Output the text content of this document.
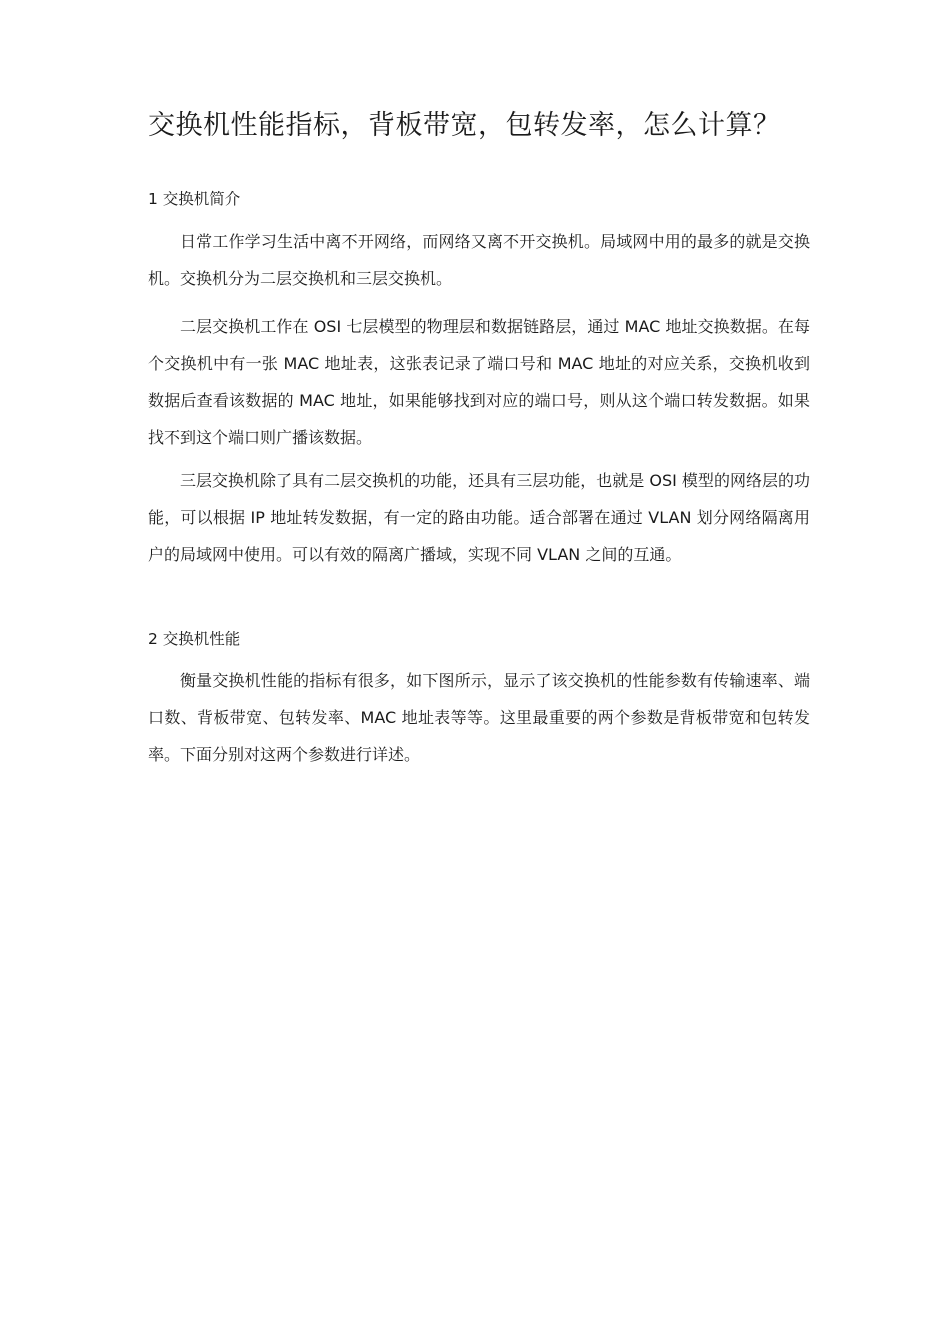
交换机性能指标，背板带宽，包转发率，怎么计算？
1 交换机简介

日常工作学习生活中离不开网络，而网络又离不开交换机。局域网中用的最多的就是交换机。交换机分为二层交换机和三层交换机。

二层交换机工作在 OSI 七层模型的物理层和数据链路层，通过 MAC 地址交换数据。在每个交换机中有一张 MAC 地址表，这张表记录了端口号和 MAC 地址的对应关系，交换机收到数据后查看该数据的 MAC 地址，如果能够找到对应的端口号，则从这个端口转发数据。如果找不到这个端口则广播该数据。

三层交换机除了具有二层交换机的功能，还具有三层功能，也就是 OSI 模型的网络层的功能，可以根据 IP 地址转发数据，有一定的路由功能。适合部署在通过 VLAN 划分网络隔离用户的局域网中使用。可以有效的隔离广播域，实现不同 VLAN 之间的互通。

2 交换机性能

衡量交换机性能的指标有很多，如下图所示，显示了该交换机的性能参数有传输速率、端口数、背板带宽、包转发率、MAC 地址表等等。这里最重要的两个参数是背板带宽和包转发率。下面分别对这两个参数进行详述。
